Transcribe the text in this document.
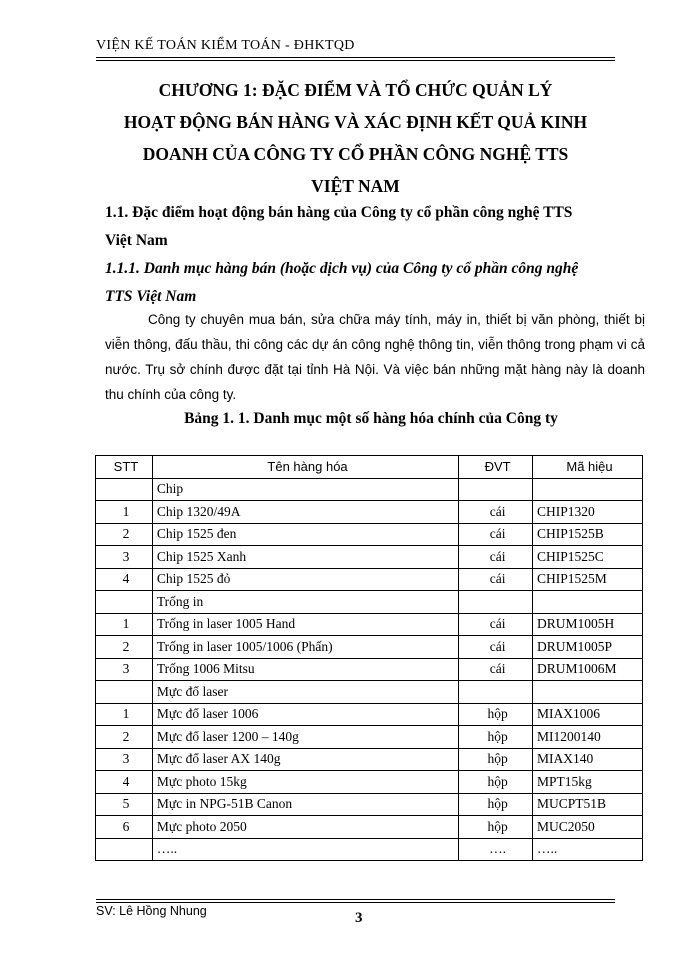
VIỆN KẾ TOÁN KIỂM TOÁN - ĐHKTQD
CHƯƠNG 1: ĐẶC ĐIỂM VÀ TỔ CHỨC QUẢN LÝ
HOẠT ĐỘNG BÁN HÀNG VÀ XÁC ĐỊNH KẾT QUẢ KINH
DOANH CỦA CÔNG TY CỔ PHẦN CÔNG NGHỆ TTS
VIỆT NAM
1.1. Đặc điểm hoạt động bán hàng của Công ty cổ phần công nghệ TTS
Việt Nam
1.1.1. Danh mục hàng bán (hoặc dịch vụ) của Công ty cổ phần công nghệ
TTS Việt Nam
Công ty chuyên mua bán, sửa chữa máy tính, máy in, thiết bị văn phòng, thiết bị viễn thông, đấu thầu, thi công các dự án công nghệ thông tin, viễn thông trong phạm vi cả nước. Trụ sở chính được đặt tại tỉnh Hà Nội. Và việc bán những mặt hàng này là doanh thu chính của công ty.
Bảng 1. 1. Danh mục một số hàng hóa chính của Công ty
STT	Tên hàng hóa	ĐVT	Mã hiệu
	Chip		
1	Chip 1320/49A	cái	CHIP1320
2	Chip 1525 đen	cái	CHIP1525B
3	Chip 1525 Xanh	cái	CHIP1525C
4	Chip 1525 đỏ	cái	CHIP1525M
	Trống in		
1	Trống in laser 1005 Hand	cái	DRUM1005H
2	Trống in laser 1005/1006 (Phấn)	cái	DRUM1005P
3	Trống 1006 Mitsu	cái	DRUM1006M
	Mực đổ laser		
1	Mực đổ laser 1006	hộp	MIAX1006
2	Mực đổ laser 1200 – 140g	hộp	MI1200140
3	Mực đổ laser AX 140g	hộp	MIAX140
4	Mực photo 15kg	hộp	MPT15kg
5	Mực in NPG-51B Canon	hộp	MUCPT51B
6	Mực photo 2050	hộp	MUC2050
	…..	….	…..
SV: Lê Hồng Nhung	3
